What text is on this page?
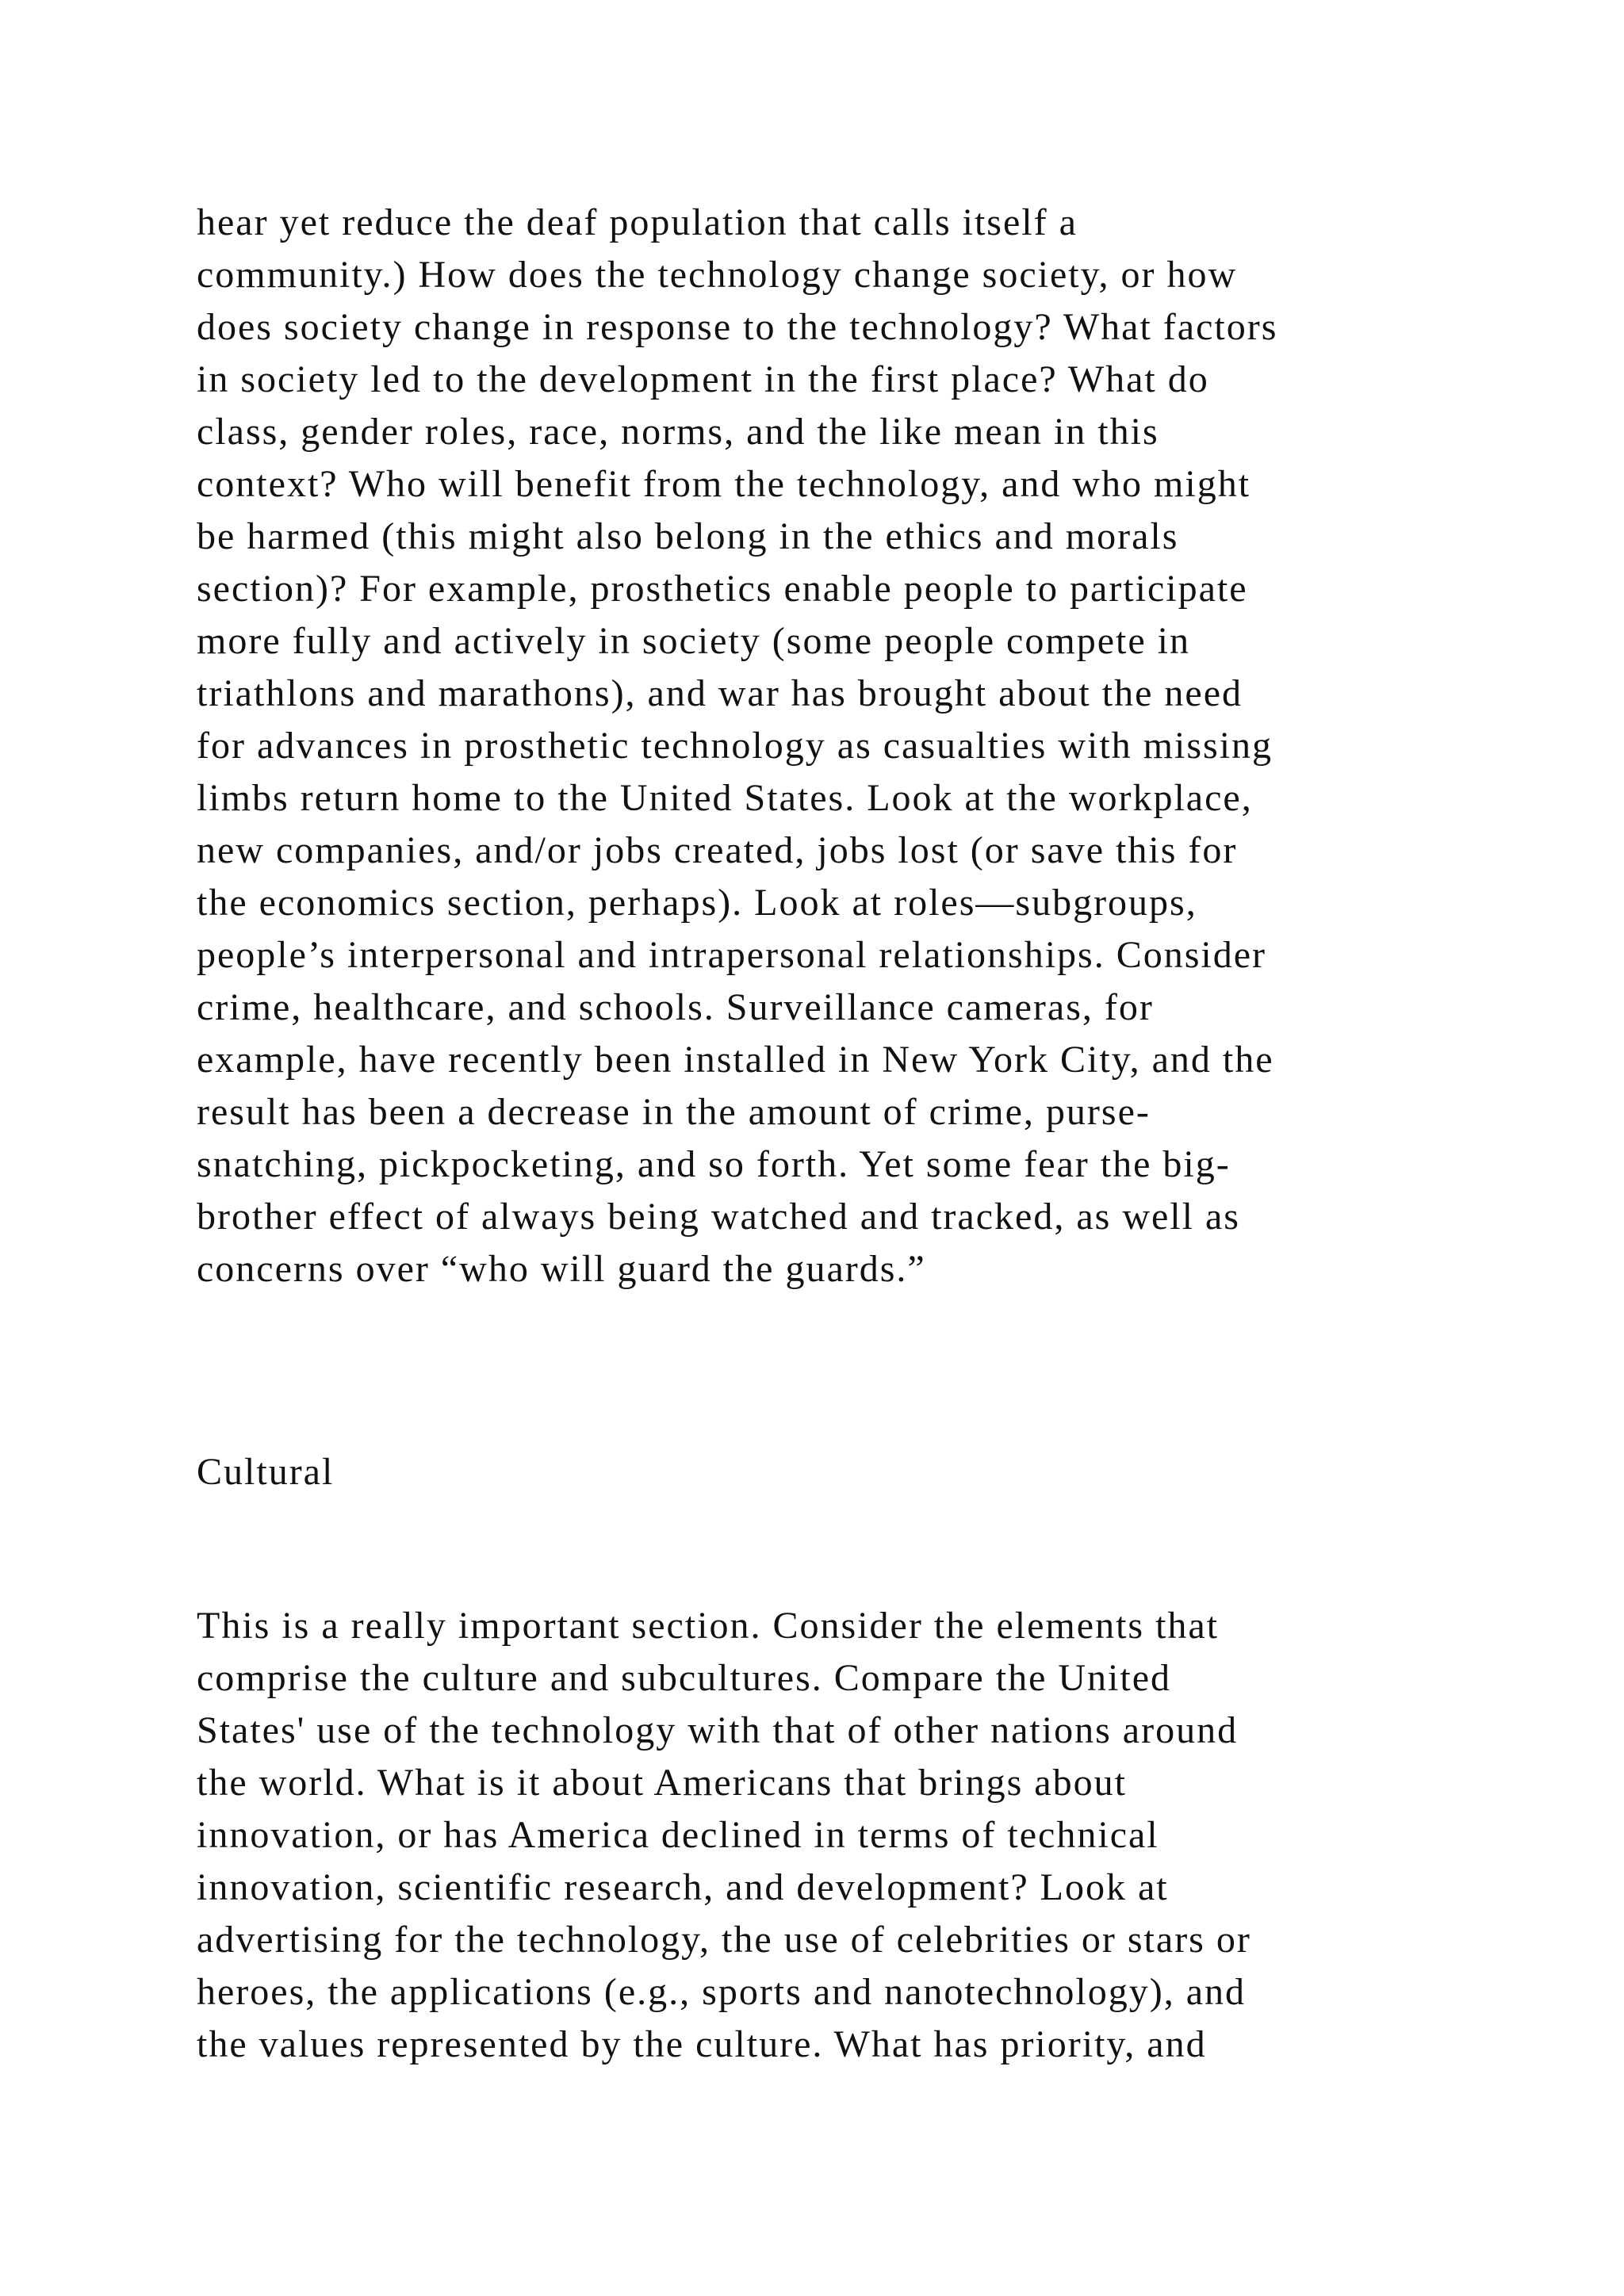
hear yet reduce the deaf population that calls itself a
community.) How does the technology change society, or how
does society change in response to the technology? What factors
in society led to the development in the first place? What do
class, gender roles, race, norms, and the like mean in this
context? Who will benefit from the technology, and who might
be harmed (this might also belong in the ethics and morals
section)? For example, prosthetics enable people to participate
more fully and actively in society (some people compete in
triathlons and marathons), and war has brought about the need
for advances in prosthetic technology as casualties with missing
limbs return home to the United States. Look at the workplace,
new companies, and/or jobs created, jobs lost (or save this for
the economics section, perhaps). Look at roles—subgroups,
people’s interpersonal and intrapersonal relationships. Consider
crime, healthcare, and schools. Surveillance cameras, for
example, have recently been installed in New York City, and the
result has been a decrease in the amount of crime, purse-
snatching, pickpocketing, and so forth. Yet some fear the big-
brother effect of always being watched and tracked, as well as
concerns over “who will guard the guards.”
Cultural
This is a really important section. Consider the elements that
comprise the culture and subcultures. Compare the United
States' use of the technology with that of other nations around
the world. What is it about Americans that brings about
innovation, or has America declined in terms of technical
innovation, scientific research, and development? Look at
advertising for the technology, the use of celebrities or stars or
heroes, the applications (e.g., sports and nanotechnology), and
the values represented by the culture. What has priority, and
